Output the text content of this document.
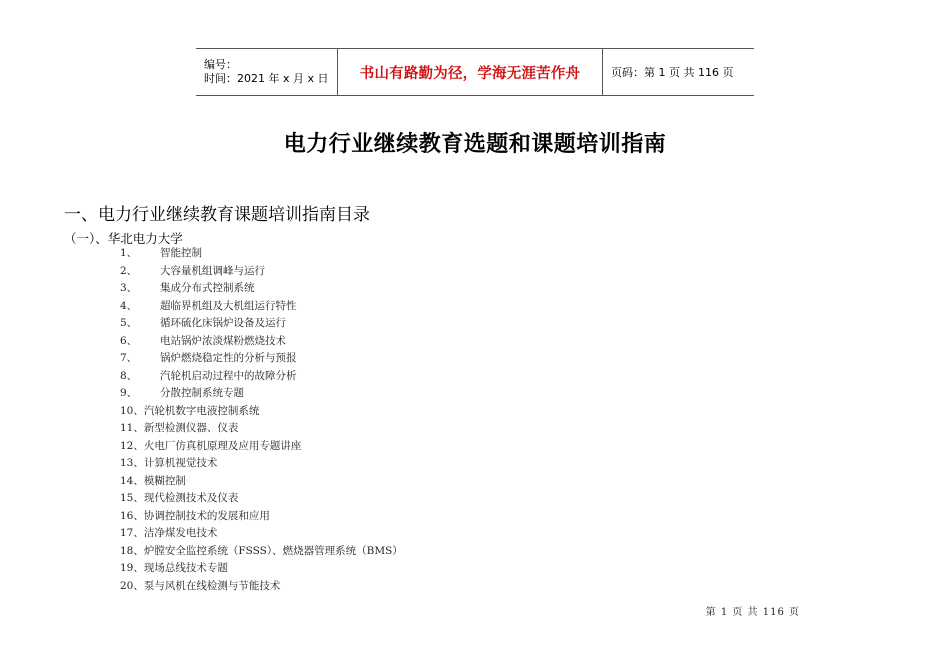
编号：
时间：2021 年 x 月 x 日	书山有路勤为径，学海无涯苦作舟	页码：第 1 页 共 116 页
电力行业继续教育选题和课题培训指南
一、电力行业继续教育课题培训指南目录
（一）、华北电力大学
1、 智能控制
2、 大容量机组调峰与运行
3、 集成分布式控制系统
4、 超临界机组及大机组运行特性
5、 循环硫化床锅炉设备及运行
6、 电站锅炉浓淡煤粉燃烧技术
7、 锅炉燃烧稳定性的分析与预报
8、 汽轮机启动过程中的故障分析
9、 分散控制系统专题
10、汽轮机数字电液控制系统
11、新型检测仪器、仪表
12、火电厂仿真机原理及应用专题讲座
13、计算机视觉技术
14、模糊控制
15、现代检测技术及仪表
16、协调控制技术的发展和应用
17、洁净煤发电技术
18、炉膛安全监控系统（FSSS）、燃烧器管理系统（BMS）
19、现场总线技术专题
20、泵与风机在线检测与节能技术
第 1 页 共 116 页
